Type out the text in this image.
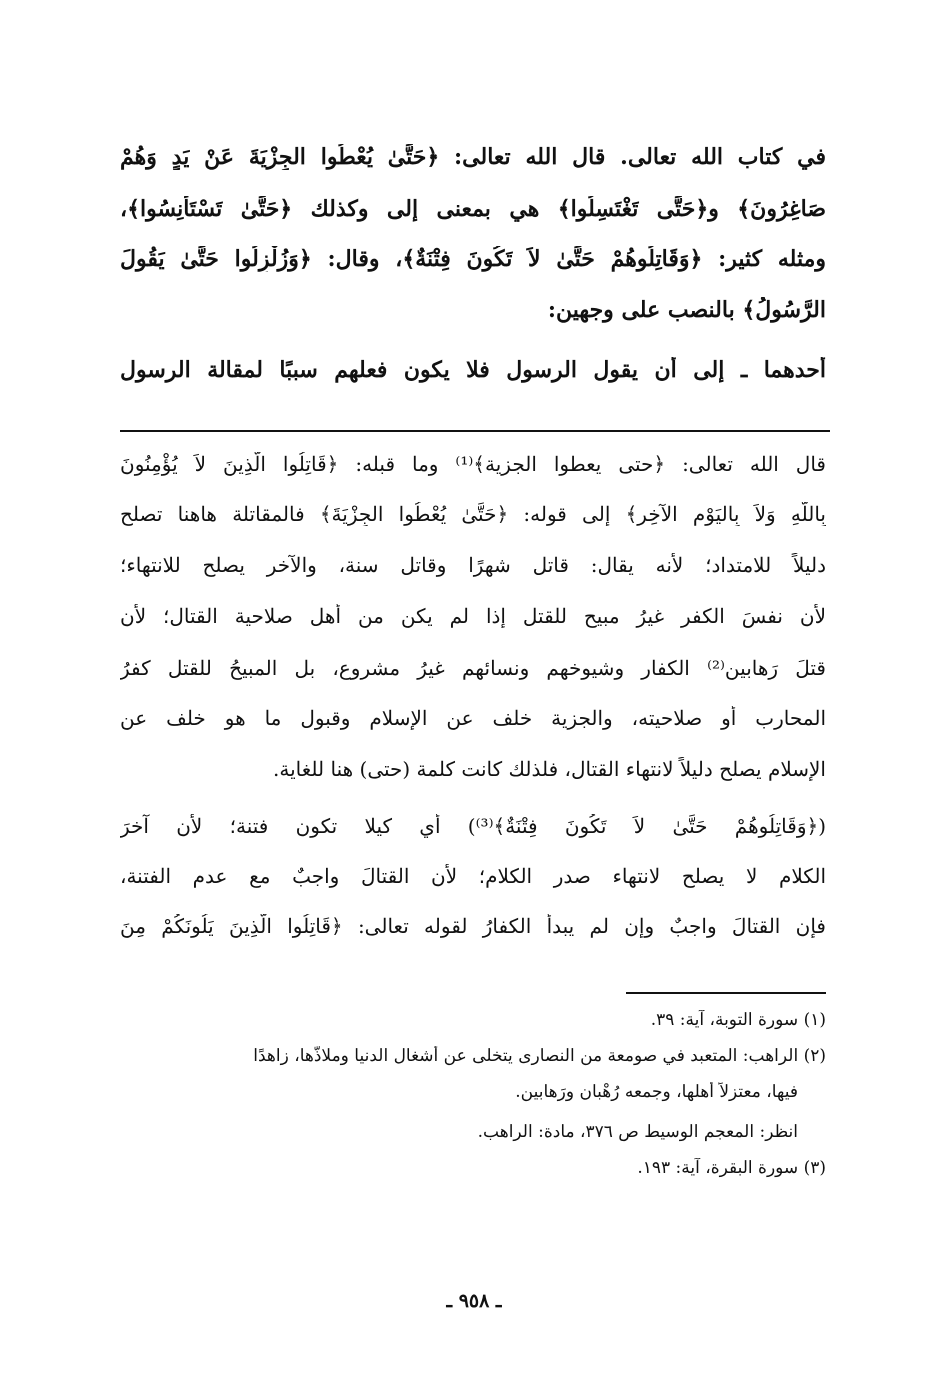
في كتاب الله تعالى. قال الله تعالى: ﴿حَتَّىٰ يُعْطُوا الجِزْيَةَ عَنْ يَدٍ وَهُمْ
صَاغِرُونَ﴾ و﴿حَتَّى تَغْتَسِلُوا﴾ هي بمعنى إلى وكذلك ﴿حَتَّىٰ تَسْتَأْنِسُوا﴾،
ومثله كثير: ﴿وَقَاتِلُوهُمْ حَتَّىٰ لاَ تَكُونَ فِتْنَةٌ﴾، وقال: ﴿وَزُلْزِلُوا حَتَّىٰ يَقُولَ
الرَّسُولُ﴾ بالنصب على وجهين:
أحدهما ـ إلى أن يقول الرسول فلا يكون فعلهم سببًا لمقالة الرسول
قال الله تعالى: ﴿حتى يعطوا الجزية﴾⁽¹⁾ وما قبله: ﴿قَاتِلُوا الَّذِينَ لاَ يُؤْمِنُونَ
بِاللَّهِ وَلاَ بِاليَوْمِ الآخِرِ﴾ إلى قوله: ﴿حَتَّىٰ يُعْطُوا الجِزْيَةَ﴾ فالمقاتلة هاهنا تصلح
دليلاً للامتداد؛ لأنه يقال: قاتل شهرًا وقاتل سنة، والآخر يصلح للانتهاء؛
لأن نفسَ الكفر غيرُ مبيح للقتل إذا لم يكن من أهل صلاحية القتال؛ لأن
قتلَ رَهابين⁽²⁾ الكفار وشيوخهم ونسائهم غيرُ مشروع، بل المبيحُ للقتل كفرُ
المحارب أو صلاحيته، والجزية خلف عن الإسلام وقبول ما هو خلف عن
الإسلام يصلح دليلاً لانتهاء القتال، فلذلك كانت كلمة (حتى) هنا للغاية.
(﴿وَقَاتِلُوهُمْ حَتَّىٰ لاَ تَكُونَ فِتْنَةٌ﴾⁽³⁾) أي كيلا تكون فتنة؛ لأن آخرَ
الكلام لا يصلح لانتهاء صدر الكلام؛ لأن القتالَ واجبٌ مع عدم الفتنة،
فإن القتالَ واجبٌ وإن لم يبدأ الكفارُ لقوله تعالى: ﴿قَاتِلُوا الَّذِينَ يَلُونَكُمْ مِنَ
(١) سورة التوبة، آية: ٣٩.
(٢) الراهب: المتعبد في صومعة من النصارى يتخلى عن أشغال الدنيا وملاذّها، زاهدًا
فيها، معتزلاً أهلها، وجمعه رُهْبان ورَهابين.
انظر: المعجم الوسيط ص ٣٧٦، مادة: الراهب.
(٣) سورة البقرة، آية: ١٩٣.
ـ ٩٥٨ ـ
